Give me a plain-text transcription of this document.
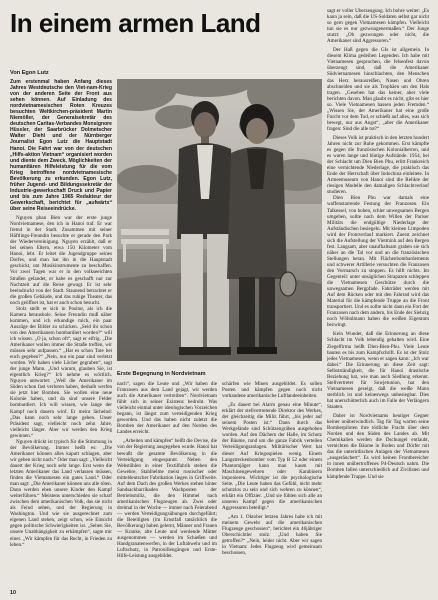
In einem armen Land
Von Egon Lutz

Zum erstenmal haben Anfang dieses Jahres Westdeutsche den Viet-nam-Krieg von der anderen Seite der Front aus sehen können. Auf Einladung des nordvietnamesischen Roten Kreuzes besuchten Weltkirchen-präsident Martin Niemöller, der Generalsekretär des deutschen Caritas-Verbandes Monsignore Hüssler, der Saarbrücker Dolmetscher Walter Diehl und der Nürnberger Journalist Egon Lutz die Hauptstadt Hanoi. Die Fahrt war von der deutschen „Hilfs-aktion Vietnam“ organisiert worden und diente dem Zweck, Möglichkeiten der humanitären Hilfeleistung für die vom Krieg betroffene nordvietnamesische Bevölkerung zu erkunden. Egon Lutz, früher Jugend- und Bildungssekretär der Industrie-gewerkschaft Druck und Papier und bis zum Jahre 1965 Redakteur der Gewerkschaft, berichtet für „aufwärts“ über seine Reiseeindrücke.

Nguyen phan Bien war der erste junge Nordvietnamese, den ich in Hanoi traf. Er war fremd in der Stadt. Zusammen mit seiner Häftlings-Freundin besuchte er gerade den Park der Wiedervereinigung. Nguyen erzählt, daß er bei seinen Eltern, etwa 150 Kilometer vom Hanoi, lebt. Er leitet die Jugendgruppe seines Dorfes, und man hat ihn in die Hauptstadt geschickt, um Musikinstrumente zu beschaffen. Vor zwei Tagen war er in den volkseeichten Straßen gelandet, er habe es geschafft nur zur Nachtzeit auf die Reise gewagt. Er ist sehr beeindruckt von der Stadt. Staunend betrachtet er die großen Gebäude, und das ruhige Theater, das noch geöffnet ist, hat er auch schon besucht.

Stolz stellt er sich in Positur, als ich die Kamera heraushole. Seine Freundin muß näher kommen, und ich erkundige mich, ein paar Auszüge der Bilder zu schicken. „Seid ihr schon von den Amerikanern bombardiert worden?“ will ich wissen. „O ja, schon oft“, sagt er eifrig. „Die Amerikaner wollen immer die Straße treffen, wir müssen sehr aufpassen.“ „Hat es schon Tote bei euch gegeben?“ „Nein, nur ein paar sind verletzt worden. Wir haben viele Löcher gegraben“, sagt der junge Mann. „Und warum, glauben Sie, ist eigentlich Krieg?“ Ich nehme es wörtlich. Nguyen antwortet: „Weil die Amerikaner im Süden schon fast verloren haben, deshalb werfen sie jetzt hier Bomben. Sie wollen eine neue Kolonie haben, und da sind unsere Felder bombardiert. Ich will wissen, wie lange der Kampf noch dauern wird. Er meint lächelnd: „Das kann noch sehr lange gehen. Unser Präsident sagt, vielleicht noch zehn Jahre, vielleicht länger. Aber wir werden den Krieg gewinnen.“

Nguyen drückt ist typisch für die Stimmung in der Bevölkerung. Immer heißt es: „Die Amerikaner können alles kaputt schlagen, aber wir geben nicht nach.“ Oder man sagt: „Vielleicht dauert der Krieg noch sehr lange. Erst wenn die letzten Amerikaner das Land verlassen müssen, finden die Vietnamesen ein gutes Land.“ Oder man sagt: „Die Amerikaner können uns alle töten. Dann werden eben unsere Kinder den Kampf weiterführen.“ Meistens unterschieden sie scharf zwischen dem amerikanischen Volk, das sie nicht als Feind sehen, und der Regierung in Washington. Und wie sie ausgerechnet zum eigenen Land stehen, zeigt schon, wie Einsicht gegen politische Schwierigkeiten ist. „Sehen Sie, unsere Unabhängigkeit zu erkämpfen“, sagte mir einer. „Wir kämpfen für das Recht, in Frieden zu leben.“

Erste Begegnung in Nordvietnam

nach“, sagen die Leute und „Wir haben die Franzosen aus dem Land gejagt, wir werden auch die Amerikaner vertreiben“. Nordvietnam fühlt sich in seiner Existenz bedroht. Was vielleicht einmal unter ideologischen Vorzeichen begann, ist längst zum verteidigenden Krieg geworden. Und das haben nicht zuletzt die Bomben der Amerikaner auf den Norden des Landes erreicht.

„Arbeiten und kämpfen“ heißt die Devise, die von der Regierung ausgegeben wurde. Hanoi hat bewußt die gesamte Bevölkerung in die Verteidigung eingespannt. Neben den Webstühlen in einer Textilfabrik stehen die Gewehre, Stahlhelme meist russischer oder mitteldeutscher Fabrikation liegen in Griffweite. Auf dem Dach des großen Werkes stehen hinter Sandsackbarrikaden Wachposten der Betriebsmiliz, die den Himmel nach amerikanischen Flugzeugen ab. Zwei oder dreimal in der Woche — immer nach Feierabend — werden Verteidigungsübungen durchgeführt; die Beteiligten (im Ernstfall tatsächlich die Bevölkerung) haben gelernt, Männer und Frauen — Kranke, alte Leute und werdende Mütter ausgenommen — werden im Schießen und Handgranatenwerfen, in der Luftabwehr und im Luftschutz, in Patrouillengängen und Erste-Hilfe-Leistung ausgebildet.

schärfen wie Minen ausgebildet. Es sollen Posten und kämpfen gegen noch nicht vorhandene amerikanische Luftlandeeinheiten.

„Es dauert bei Alarm genau eine Minute“, erklärt der stellvertretende Direktor des Werkes, der gleichzeitig die Miliz führt, „bis jeder auf seinem Posten ist.“ Dann durch das Werkgelände sind Schützengräben ausgehoben worden. Auf den Dächern der Halle, im Schutz der Bäume, rund um die ganze Fabrik verteilen Verteidigungsanlagen. Militärischer Wert hat dieser Auf Kriegsspielen wenig. Einem Langstreckenbomber vom Typ B 52 oder einem Phantomjäger kann man kaum mit Maschinengewehren oder Karabinern imponieren. Wichtiger ist die psychologische Seite. „Die Leute haben das Gefühl, nicht mehr schutzlos zu sein und sich wehren zu können“, erklärt ein Offizier. „Und sie fühlen sich alle an unseren Kampf gegen die amerikanischen Aggressoren beteiligt.“

„Am 1. Oktober letzten Jahres habe ich mit meinem Gewehr auf die amerikanischen Flugzeuge geschossen“, berichtet ein 46jähriger Oberschichtler stolz. „Und haben Sie getroffen?“ „Nein, leider nicht. Aber wir sagen in Vietnam: Jedes Flugzeug wird gemeinsam beschossen,

sagt er voller Überzeugung. Ich bohre weiter: „Es kann ja sein, daß die US-Soldaten selbst gar nicht so gern gegen Vietnamesen kämpfen. Vielleicht tun sie es nur gezwungenermaßen.“ Der Junge stutzt: „Ob gezwungen oder nicht, die Amerikaner sind Aggressoren.“

Der Haß gegen die GIs ist allgemein. In diesem Klima gedeihen Legenden. Ich habe mit Vietnamesen gesprochen, die felsenfest davon überzeugt sind, daß die Amerikaner Südvietnamesen hinschlachten, den Menschen das Herz herausreißen, Nasen und Ohren abschneiden und sie als Trophäen um den Hals tragen. „Gesehen hat das keiner, aber viele berichten davon. Man glaubt es nicht, gibt es hier so. Viele Vietnamesen hassen jeden Fremden.“ „Wissen Sie, der Amerikaner hat eine große Furcht vor dem Tod, er schießt auf alles, was sich bewegt, nur aus Angst“, „aber die Amerikaner fragen: Sind die alle tot?“

Dieses Volk ist praktisch in den letzten hundert Jahren nicht zur Ruhe gekommen. Erst kämpfte es gegen die französischen Kolonialherren, und es waren lange und blutige Aufstände. 1954, bei der Schlacht um Dien Bien Phu, erlitt Frankreich eine vernichtende Niederlage, die praktisch das Ende der Herrschaft über Indochina einleitete. In Armeemuseum von Hanoi sind die Relikte der riesigen Modelle den damaligen Schlachtverlauf studieren.

Dien Bien Phu war damals eine waffenstarrende Festung der Franzosen. Ein Talkessel, von hohen, schier unwegsamen Bergen umgeben, sollte nach dem Willen der Pariser Militärs die endgültige Niederlage der Aufständischen besiegeln. Mit kleinen Limpoden wird der Frontverlauf markiert. Zuerst zeichnet sich die Aufstellung der Vietminh auf den Bergen fest. Langsam, aber unaufhaltsam graben sie sich näher an die Tal vor und an die französischen Stellungen heran. Mit Flächenbombardements und schwerer Artillerie versuchten die Franzosen den Vormarsch zu stoppen. Es hilft nichts. Im Gegenteil: unter unsäglichen Strapazen schleppen die Vietnamesen Geschütze durch die unwegsamen Bergpfade. Fahrräder werden mit Auf dem Rücken oder mit den Fahrrad wird das Material für die kämpfende Truppe an die Front transportiert. Und es sollte nicht dann ein Fort der Franzosen nach dem andern, bis Ende der Siebzig noch Wöhnlmann haben die weißen Eigentum bezwingt.

Kein Wunder, daß die Erinnerung an diese Schlacht im Volk lebendig gehalten wird. Eine Ziegelfirma heißt Dien-Bien-Phu. Viele Leute bauten es bis zum Kampfschrift. Es ist der Stolz jedes Vietnamesen, wenn er sagen kann: „Ich war dabei.“ Die Erinnerung an diese Zeit sagt: Selbstständigkeit, die für Hanoi drastische Beziehung hat, wie man auch Siedlung erkennt. Stellvertreter für Sowjetunion, hat den Vietnamesen gezeigt, daß die weiße Mann sterblich ist und keineswegs unbesiegbar. Dies hat unerschütterlich auch im Falle der Verlängern Staaten.

Daher ist Nordvietnams heutiger Gegner keiner unüberwindlich. Tag für Tag warten seine Bomberpiloten ihre tödliche Fracht über dem Norden und den Süden des Landes ab. Mit Chemikalien werden die Dschungel entlaubt, vernichten die Bäume in Boden und Dörfer mit das die unterirdischen Anlagen der Vietnamesen „ausgeräuchert“. Es wird keinen Frontbereicher in innen unübertroffenes P4-Deutsch nahm. Die Bomben fallen unterschiedlich auf Zivilisten und kämpfende Truppe. Und sie

10
